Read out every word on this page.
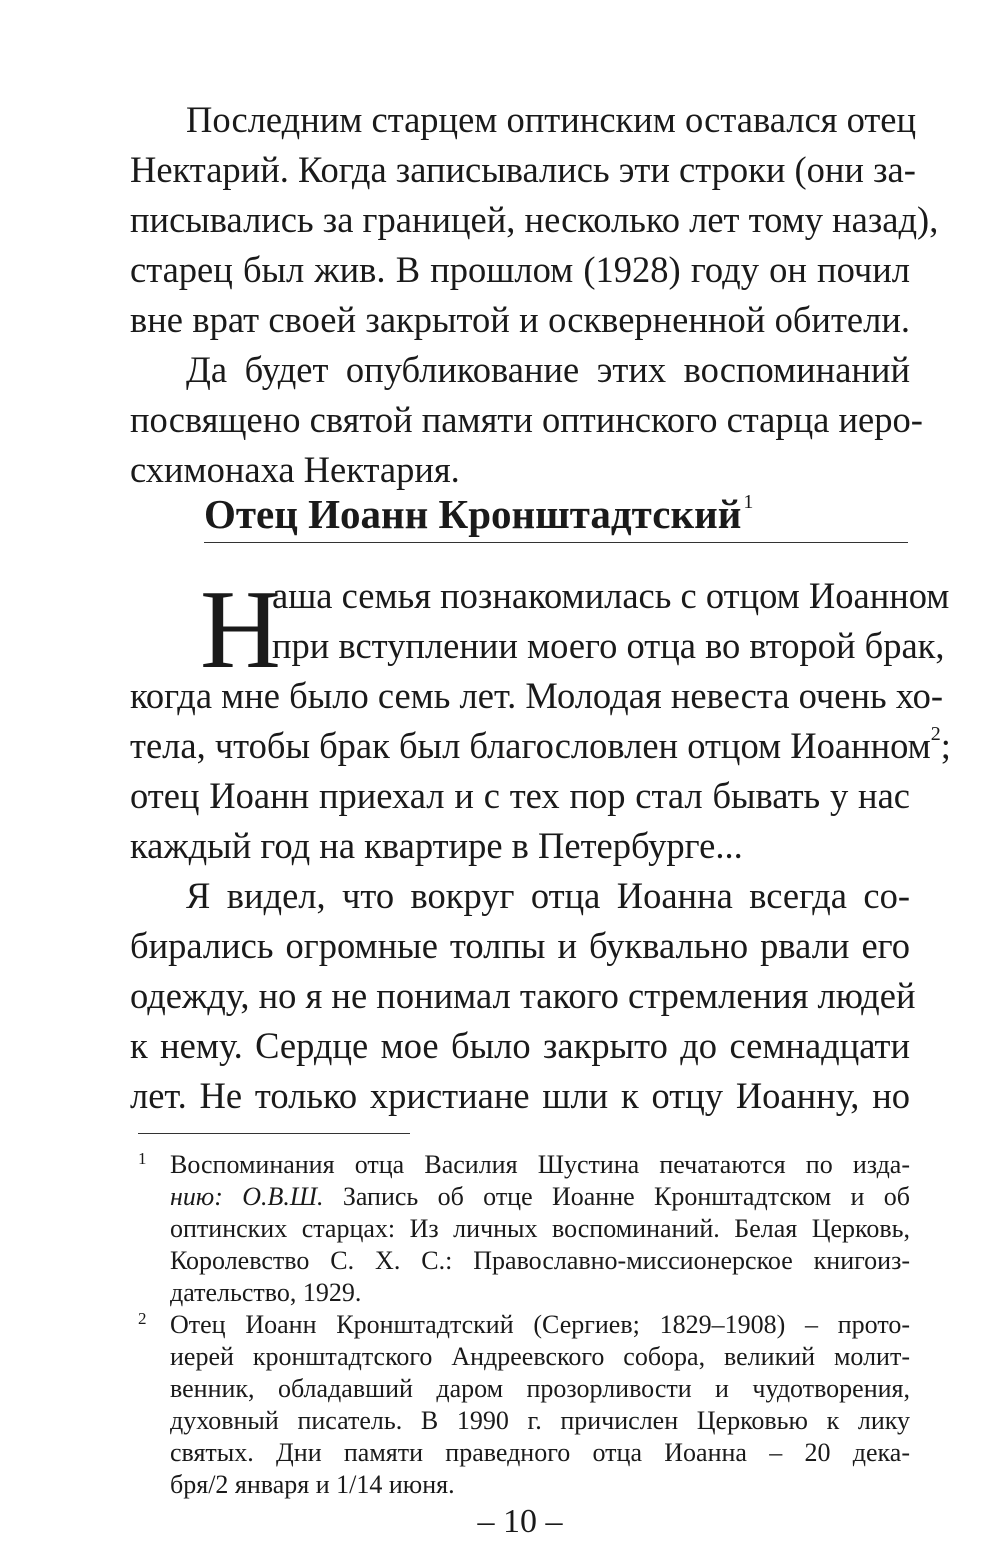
Последним старцем оптинским оставался отец
Нектарий. Когда записывались эти строки (они за-
писывались за границей, несколько лет тому назад),
старец был жив. В прошлом (1928) году он почил
вне врат своей закрытой и оскверненной обители.
Да будет опубликование этих воспоминаний
посвящено святой памяти оптинского старца иеро-
схимонаха Нектария.
Отец Иоанн Кронштадтский $^1$
Н
аша семья познакомилась с отцом Иоанном
при вступлении моего отца во второй брак,
когда мне было семь лет. Молодая невеста очень хо-
тела, чтобы брак был благословлен отцом Иоанном$^2$;
отец Иоанн приехал и с тех пор стал бывать у нас
каждый год на квартире в Петербурге...
Я видел, что вокруг отца Иоанна всегда со-
бирались огромные толпы и буквально рвали его
одежду, но я не понимал такого стремления людей
к нему. Сердце мое было закрыто до семнадцати
лет. Не только христиане шли к отцу Иоанну, но
1 Воспоминания отца Василия Шустина печатаются по изда-
нию: О.В.Ш. Запись об отце Иоанне Кронштадтском и об
оптинских старцах: Из личных воспоминаний. Белая Церковь,
Королевство С. Х. С.: Православно-миссионерское книгоиз-
дательство, 1929.
2 Отец Иоанн Кронштадтский (Сергиев; 1829–1908) – прото-
иерей кронштадтского Андреевского собора, великий молит-
венник, обладавший даром прозорливости и чудотворения,
духовный писатель. В 1990 г. причислен Церковью к лику
святых. Дни памяти праведного отца Иоанна – 20 дека-
бря/2 января и 1/14 июня.
– 10 –
